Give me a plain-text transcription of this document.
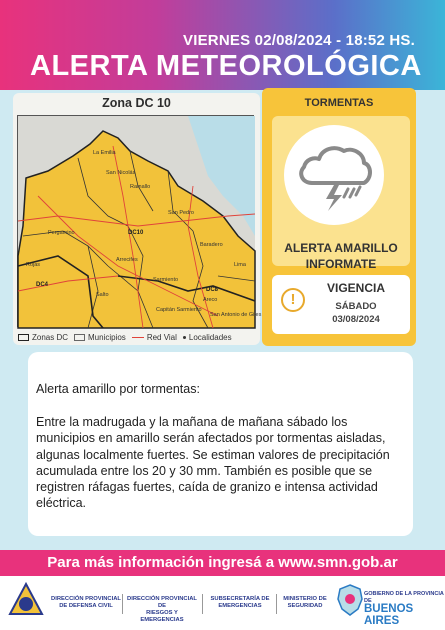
VIERNES 02/08/2024 - 18:52 HS.
ALERTA METEOROLÓGICA
Zona DC 10
La Emilia
San Nicolás
Ramallo
Pergamino
Rojas
Salto
Arrecifes
DC10
San Pedro
Baradero
Sarmiento
Areco
Capitán Sarmiento
San Antonio de Giles
DC4
DC8
Lima
Zonas DC	Municipios	Red Vial Localidades
TORMENTAS
ALERTA AMARILLO
INFORMATE
!
VIGENCIA
SÁBADO
03/08/2024
Alerta amarillo por tormentas:
Entre la madrugada y la mañana de mañana sábado los municipios en amarillo serán afectados por tormentas aisladas, algunas localmente fuertes. Se estiman valores de precipitación acumulada entre los 20 y 30 mm. También es posible que se registren ráfagas fuertes, caída de granizo e intensa actividad eléctrica.
Para más información ingresá a www.smn.gob.ar
DIRECCIÓN PROVINCIAL
DE DEFENSA CIVIL
DIRECCIÓN PROVINCIAL DE
RIESGOS Y EMERGENCIAS
SUBSECRETARÍA DE
EMERGENCIAS
MINISTERIO DE
SEGURIDAD
GOBIERNO DE LA PROVINCIA DE
BUENOS AIRES
